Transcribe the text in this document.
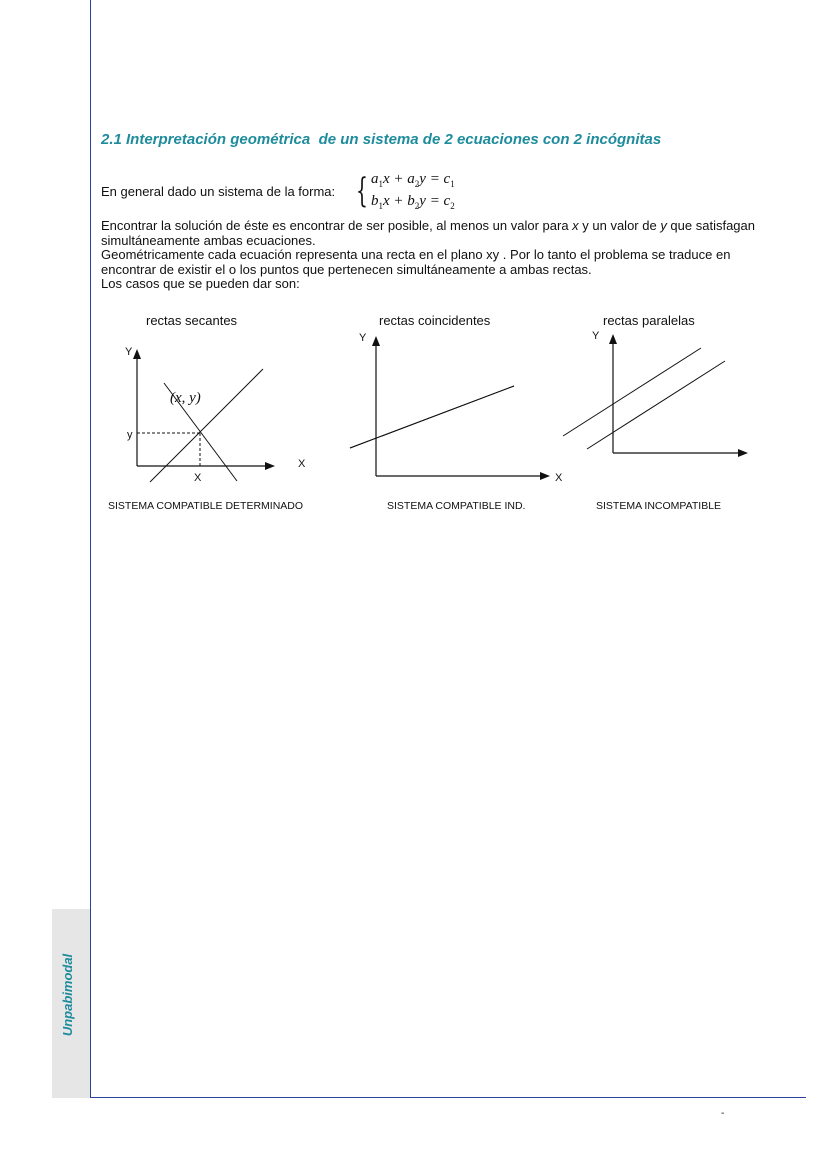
Unpabimodal
2.1 Interpretación geométrica  de un sistema de 2 ecuaciones con 2 incógnitas
En general dado un sistema de la forma: { $a_1x + a_2y = c_1$
$b_1x + b_2y = c_2$

Encontrar la solución de éste es encontrar de ser posible, al menos un valor para x y un valor de y que satisfagan simultáneamente ambas ecuaciones.

Geométricamente cada ecuación representa una recta en el plano xy . Por lo tanto el problema se traduce en encontrar de existir el o los puntos que pertenecen simultáneamente a ambas rectas.

Los casos que se pueden dar son:

rectas secantes
Y
X
y
X
(x, y)
SISTEMA COMPATIBLE DETERMINADO
rectas coincidentes
Y
X
SISTEMA COMPATIBLE IND.
rectas paralelas
Y
SISTEMA INCOMPATIBLE
-
